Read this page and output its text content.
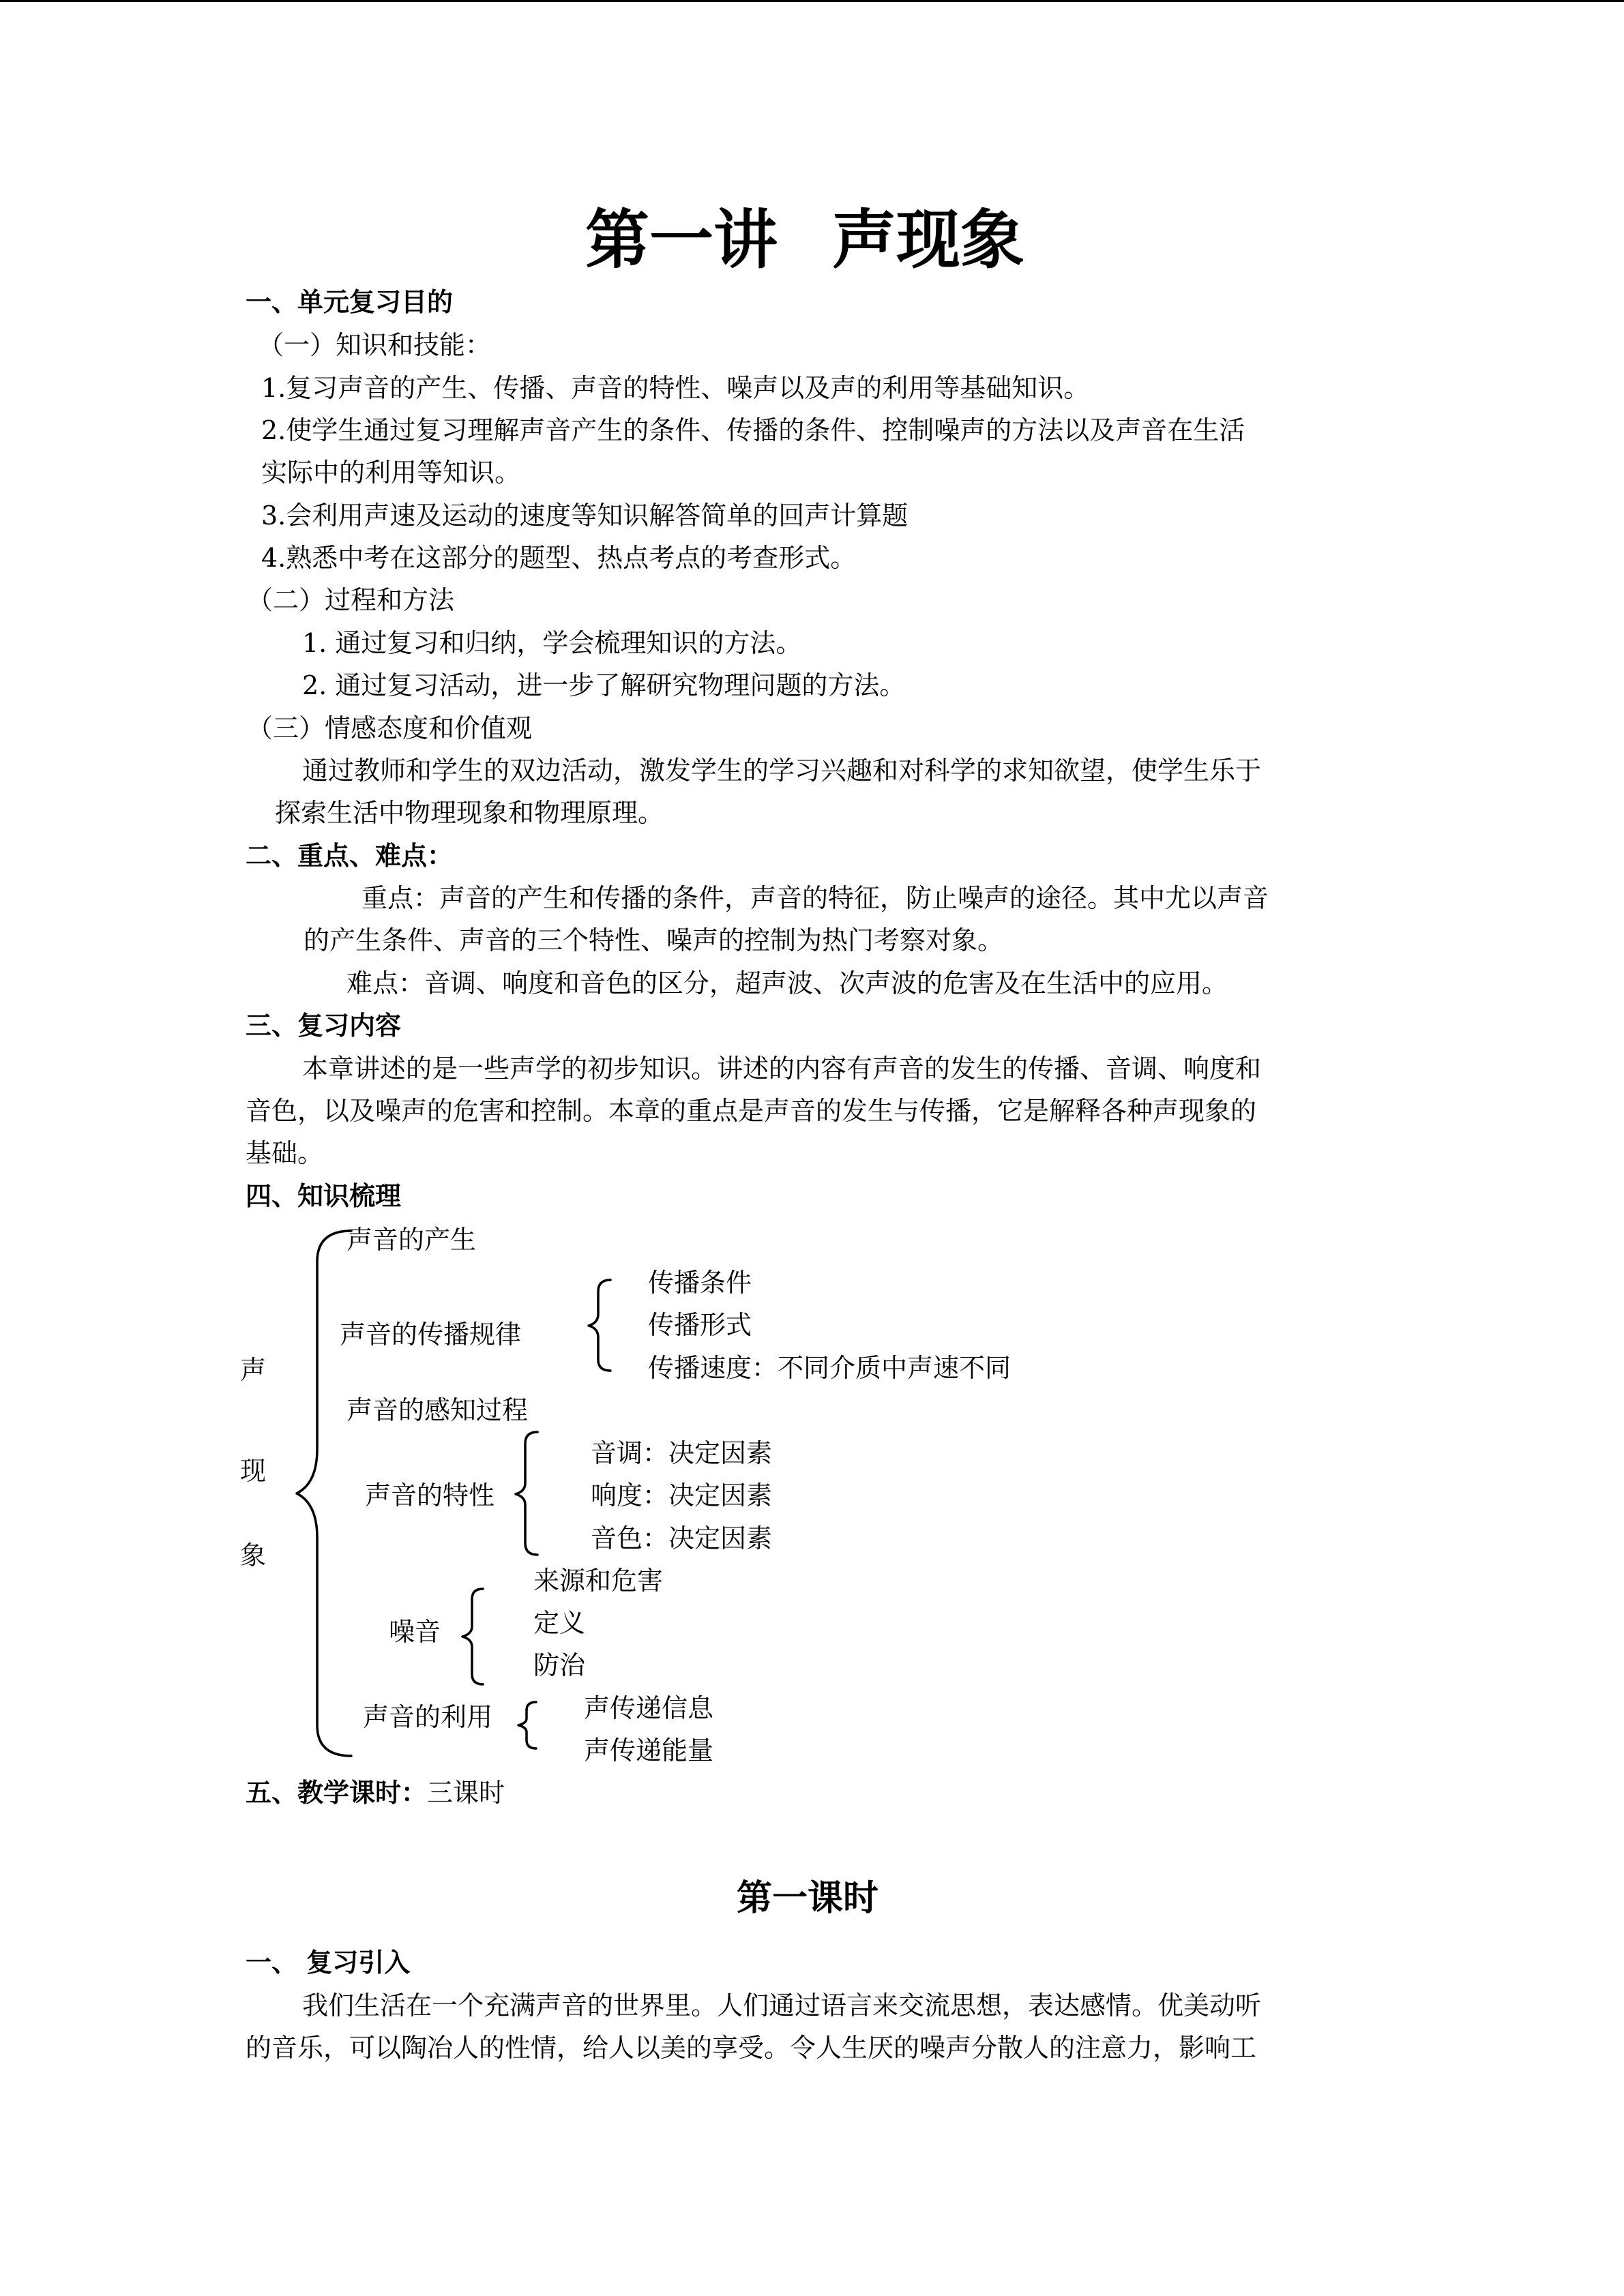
第一讲 声现象
一、单元复习目的
（一）知识和技能：
1.复习声音的产生、传播、声音的特性、噪声以及声的利用等基础知识。
2.使学生通过复习理解声音产生的条件、传播的条件、控制噪声的方法以及声音在生活
实际中的利用等知识。
3.会利用声速及运动的速度等知识解答简单的回声计算题
4.熟悉中考在这部分的题型、热点考点的考查形式。
（二）过程和方法
1. 通过复习和归纳，学会梳理知识的方法。
2. 通过复习活动，进一步了解研究物理问题的方法。
（三）情感态度和价值观
通过教师和学生的双边活动，激发学生的学习兴趣和对科学的求知欲望，使学生乐于
探索生活中物理现象和物理原理。
二、重点、难点：
重点：声音的产生和传播的条件，声音的特征，防止噪声的途径。其中尤以声音
的产生条件、声音的三个特性、噪声的控制为热门考察对象。
难点：音调、响度和音色的区分，超声波、次声波的危害及在生活中的应用。
三、复习内容
本章讲述的是一些声学的初步知识。讲述的内容有声音的发生的传播、音调、响度和
音色，以及噪声的危害和控制。本章的重点是声音的发生与传播，它是解释各种声现象的
基础。
四、知识梳理
声
现
象
声音的产生
声音的传播规律
传播条件
传播形式
传播速度：不同介质中声速不同
声音的感知过程
声音的特性
音调：决定因素
响度：决定因素
音色：决定因素
噪音
来源和危害
定义
防治
声音的利用	声传递信息
声传递能量
五、教学课时：三课时
第一课时
一、 复习引入
我们生活在一个充满声音的世界里。人们通过语言来交流思想，表达感情。优美动听
的音乐，可以陶冶人的性情，给人以美的享受。令人生厌的噪声分散人的注意力，影响工
